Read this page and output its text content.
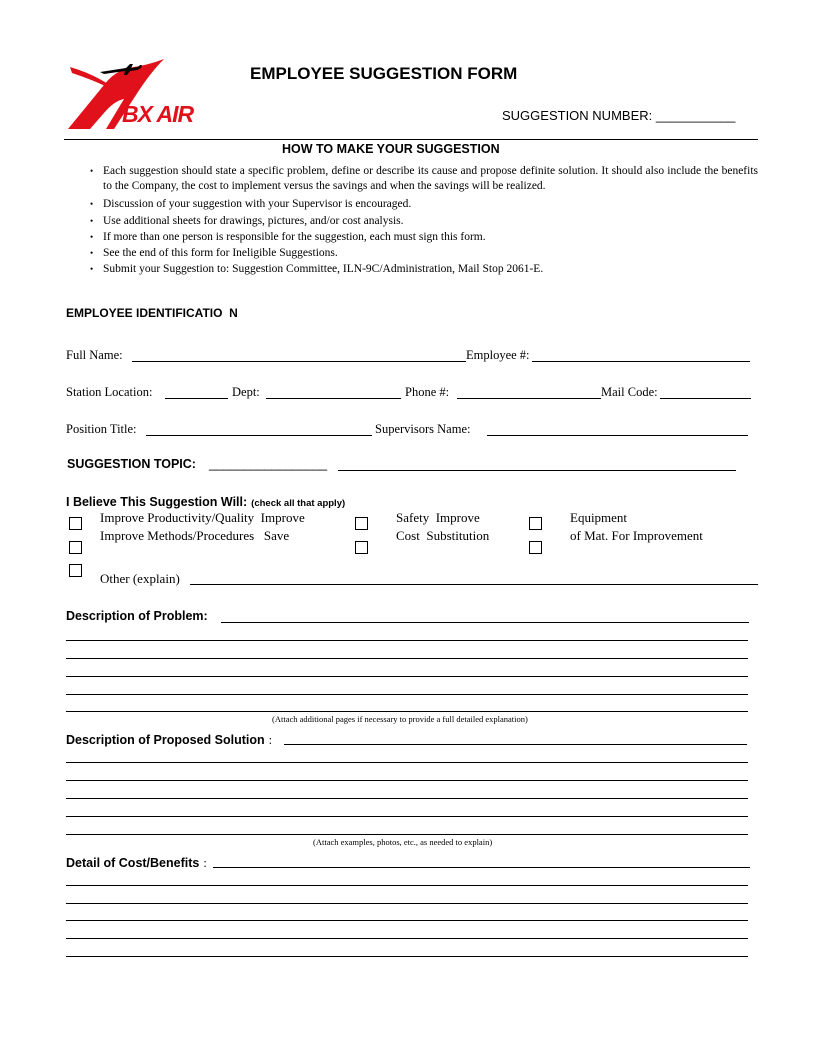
BX AIR
EMPLOYEE SUGGESTION FORM
SUGGESTION NUMBER: ___________
HOW TO MAKE YOUR SUGGESTION
• Each suggestion should state a specific problem, define or describe its cause and propose definite solution. It should also include the benefits to the Company, the cost to implement versus the savings and when the savings will be realized.
• Discussion of your suggestion with your Supervisor is encouraged.
• Use additional sheets for drawings, pictures, and/or cost analysis.
• If more than one person is responsible for the suggestion, each must sign this form.
• See the end of this form for Ineligible Suggestions.
• Submit your Suggestion to: Suggestion Committee, ILN-9C/Administration, Mail Stop 2061-E.
EMPLOYEE IDENTIFICATIO  N
Full Name:	Employee #:
Station Location:	Dept:	Phone #:	Mail Code:
Position Title:	Supervisors Name:
SUGGESTION TOPIC: _________________
I Believe This Suggestion Will: (check all that apply)
Improve Productivity/Quality  Improve
Improve Methods/Procedures   Save
Safety  Improve
Cost  Substitution
Equipment
of Mat. For Improvement
Other (explain)
Description of Problem:
(Attach additional pages if necessary to provide a full detailed explanation)
Description of Proposed Solution :
(Attach examples, photos, etc., as needed to explain)
Detail of Cost/Benefits :
